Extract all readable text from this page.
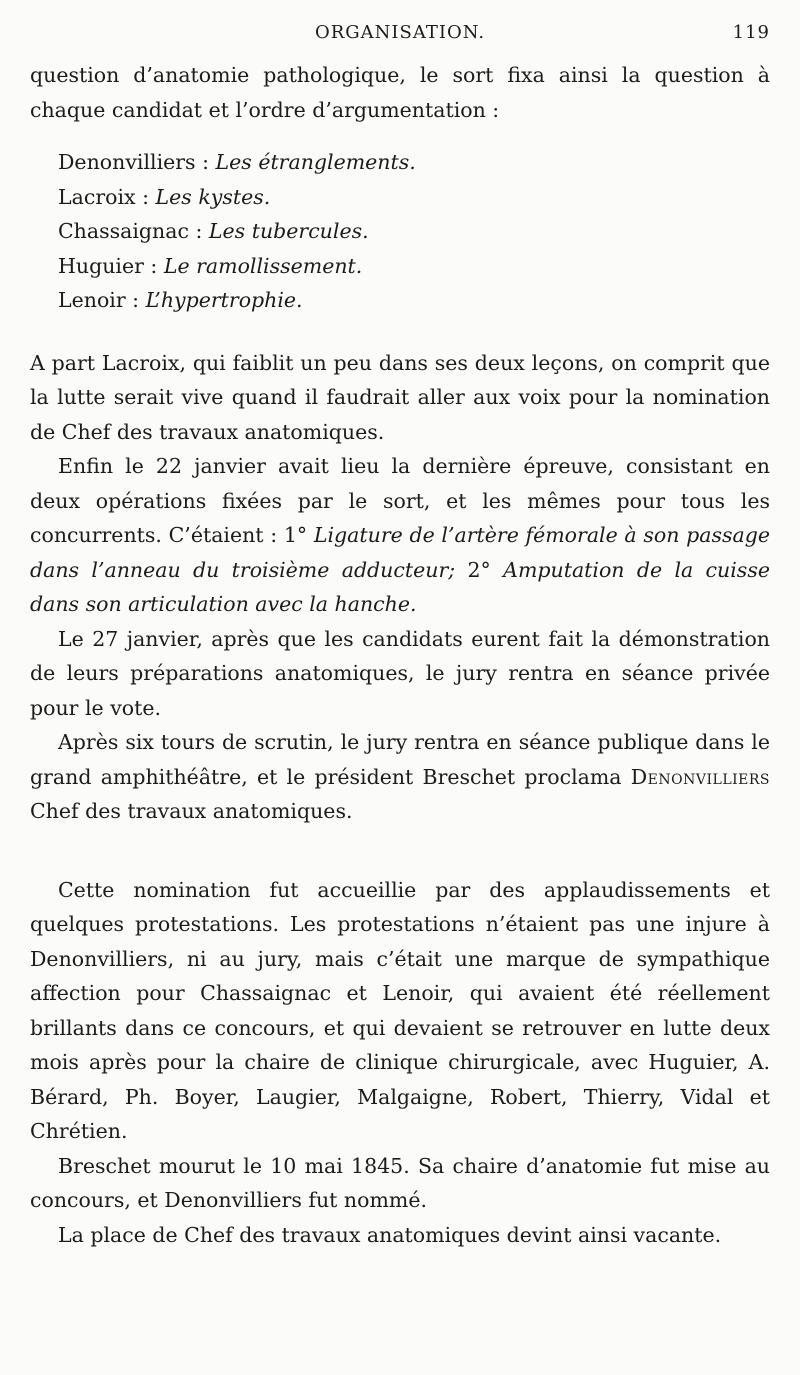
ORGANISATION.	119

question d’anatomie pathologique, le sort fixa ainsi la question à chaque candidat et l’ordre d’argumentation :

Denonvilliers : Les étranglements.
Lacroix : Les kystes.
Chassaignac : Les tubercules.
Huguier : Le ramollissement.
Lenoir : L’hypertrophie.

A part Lacroix, qui faiblit un peu dans ses deux leçons, on comprit que la lutte serait vive quand il faudrait aller aux voix pour la nomination de Chef des travaux anatomiques.

Enfin le 22 janvier avait lieu la dernière épreuve, consistant en deux opérations fixées par le sort, et les mêmes pour tous les concurrents. C’étaient : 1° Ligature de l’artère fémorale à son passage dans l’anneau du troisième adducteur; 2° Amputation de la cuisse dans son articulation avec la hanche.

Le 27 janvier, après que les candidats eurent fait la démonstration de leurs préparations anatomiques, le jury rentra en séance privée pour le vote.

Après six tours de scrutin, le jury rentra en séance publique dans le grand amphithéâtre, et le président Breschet proclama Denonvilliers Chef des travaux anatomiques.

Cette nomination fut accueillie par des applaudissements et quelques protestations. Les protestations n’étaient pas une injure à Denonvilliers, ni au jury, mais c’était une marque de sympathique affection pour Chassaignac et Lenoir, qui avaient été réellement brillants dans ce concours, et qui devaient se retrouver en lutte deux mois après pour la chaire de clinique chirurgicale, avec Huguier, A. Bérard, Ph. Boyer, Laugier, Malgaigne, Robert, Thierry, Vidal et Chrétien.

Breschet mourut le 10 mai 1845. Sa chaire d’anatomie fut mise au concours, et Denonvilliers fut nommé.

La place de Chef des travaux anatomiques devint ainsi vacante.
